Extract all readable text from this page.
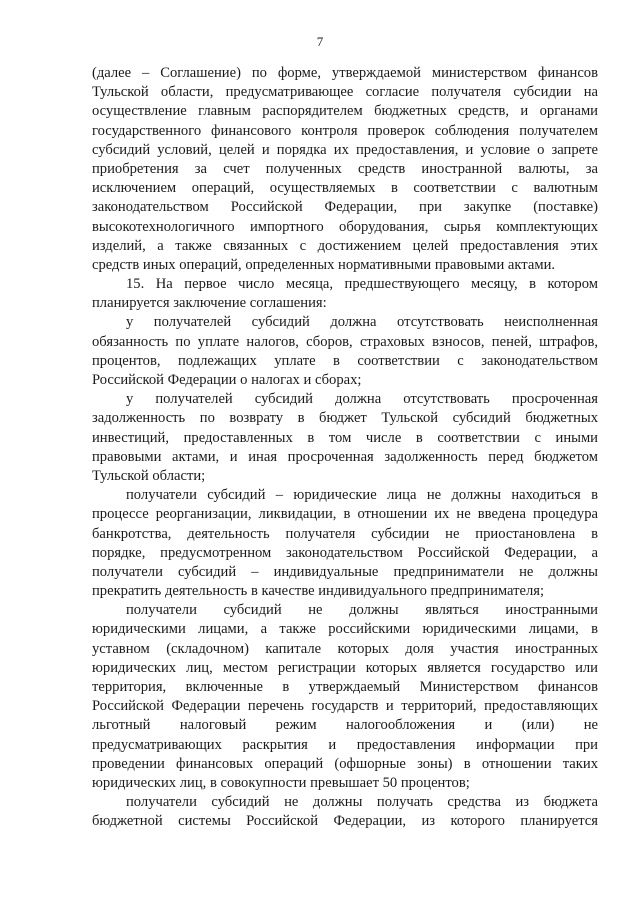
7
(далее – Соглашение) по форме, утверждаемой министерством финансов
Тульской области, предусматривающее согласие получателя субсидии на
осуществление главным распорядителем бюджетных средств, и органами
государственного финансового контроля проверок соблюдения получателем
субсидий условий, целей и порядка их предоставления, и условие о запрете
приобретения за счет полученных средств иностранной валюты, за
исключением операций, осуществляемых в соответствии с валютным
законодательством Российской Федерации, при закупке (поставке)
высокотехнологичного импортного оборудования, сырья комплектующих
изделий, а также связанных с достижением целей предоставления этих
средств иных операций, определенных нормативными правовыми актами.
15. На первое число месяца, предшествующего месяцу, в котором
планируется заключение соглашения:
у получателей субсидий должна отсутствовать неисполненная
обязанность по уплате налогов, сборов, страховых взносов, пеней, штрафов,
процентов, подлежащих уплате в соответствии с законодательством
Российской Федерации о налогах и сборах;
у получателей субсидий должна отсутствовать просроченная
задолженность по возврату в бюджет Тульской субсидий бюджетных
инвестиций, предоставленных в том числе в соответствии с иными
правовыми актами, и иная просроченная задолженность перед бюджетом
Тульской области;
получатели субсидий – юридические лица не должны находиться в
процессе реорганизации, ликвидации, в отношении их не введена процедура
банкротства, деятельность получателя субсидии не приостановлена в
порядке, предусмотренном законодательством Российской Федерации, а
получатели субсидий – индивидуальные предприниматели не должны
прекратить деятельность в качестве индивидуального предпринимателя;
получатели субсидий не должны являться иностранными
юридическими лицами, а также российскими юридическими лицами, в
уставном (складочном) капитале которых доля участия иностранных
юридических лиц, местом регистрации которых является государство или
территория, включенные в утверждаемый Министерством финансов
Российской Федерации перечень государств и территорий, предоставляющих
льготный налоговый режим налогообложения и (или) не
предусматривающих раскрытия и предоставления информации при
проведении финансовых операций (офшорные зоны) в отношении таких
юридических лиц, в совокупности превышает 50 процентов;
получатели субсидий не должны получать средства из бюджета
бюджетной системы Российской Федерации, из которого планируется
